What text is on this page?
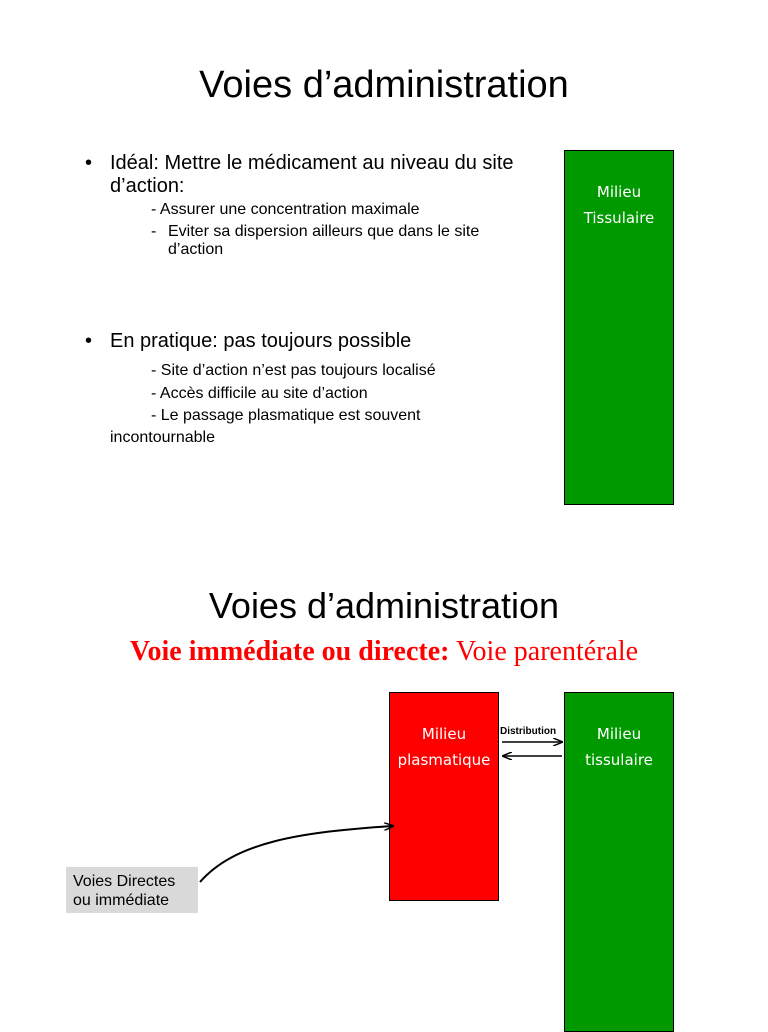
Voies d’administration
• Idéal: Mettre le médicament au niveau du site d’action:
- Assurer une concentration maximale
- Eviter sa dispersion ailleurs que dans le site
d’action
• En pratique: pas toujours possible
- Site d’action n’est pas toujours localisé
- Accès difficile au site d’action
- Le passage plasmatique est souvent
incontournable
Milieu
Tissulaire
Voies d’administration
Voie immédiate ou directe: Voie parentérale
Milieu
plasmatique
Milieu
tissulaire
Distribution
Voies Directes
ou immédiate
